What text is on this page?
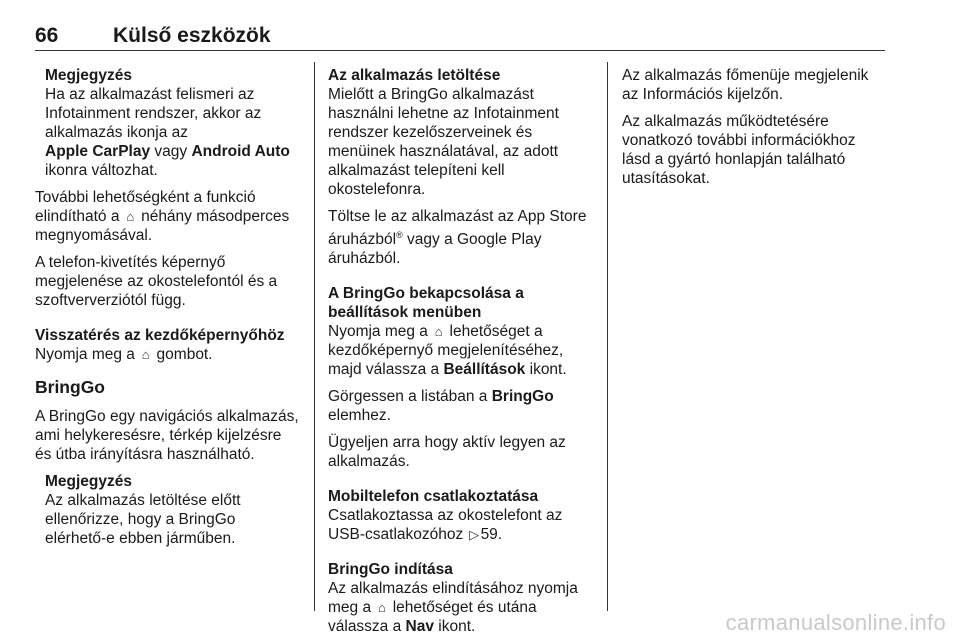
66	Külső eszközök
Megjegyzés
Ha az alkalmazást felismeri az
Infotainment rendszer, akkor az
alkalmazás ikonja az
Apple CarPlay vagy Android Auto
ikonra változhat.

További lehetőségként a funkció
elindítható a ⌂ néhány másodperces
megnyomásával.

A telefon-kivetítés képernyő megjelenése az okostelefontól és a szoftververziótól függ.

Visszatérés az kezdőképernyőhöz

Nyomja meg a ⌂ gombot.

BringGo

A BringGo egy navigációs alkalmazás, ami helykeresésre, térkép kijelzésre és útba irányításra használható.

Megjegyzés
Az alkalmazás letöltése előtt ellenőrizze, hogy a BringGo elérhető-e ebben járműben.
Az alkalmazás letöltése

Mielőtt a BringGo alkalmazást használni lehetne az Infotainment rendszer kezelőszerveinek és menüinek használatával, az adott alkalmazást telepíteni kell okostelefonra.

Töltse le az alkalmazást az App Store áruházból® vagy a Google Play áruházból.

A BringGo bekapcsolása a beállítások menüben

Nyomja meg a ⌂ lehetőséget a kezdőképernyő megjelenítéséhez, majd válassza a Beállítások ikont.

Görgessen a listában a BringGo elemhez.

Ügyeljen arra hogy aktív legyen az alkalmazás.

Mobiltelefon csatlakoztatása

Csatlakoztassa az okostelefont az USB-csatlakozóhoz ▷59.

BringGo indítása

Az alkalmazás elindításához nyomja meg a ⌂ lehetőséget és utána válassza a Nav ikont.

Az alkalmazás főmenüje megjelenik az Információs kijelzőn.

Az alkalmazás működtetésére vonatkozó további információkhoz lásd a gyártó honlapján található utasításokat.

carmanualsonline.info
